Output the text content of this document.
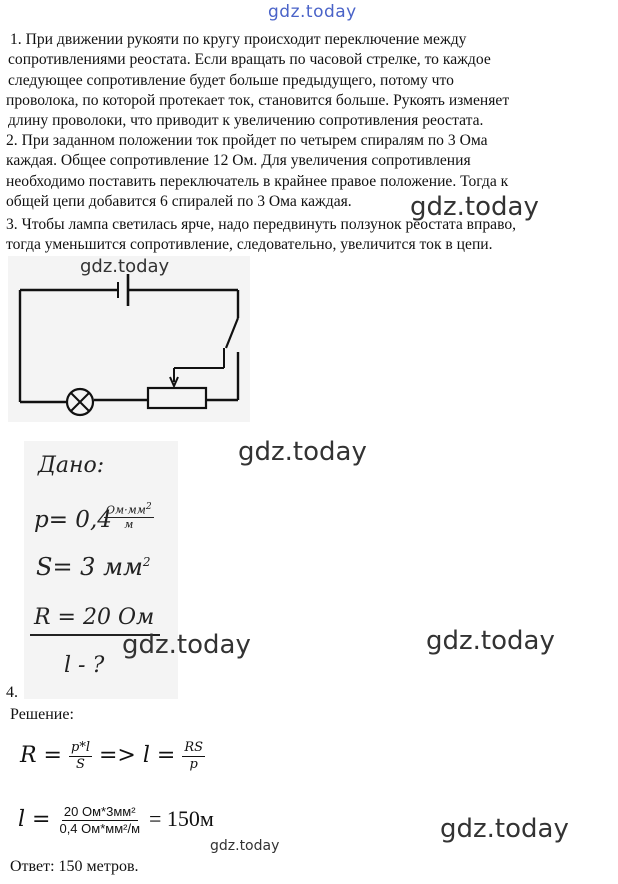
gdz.today
1. При движении рукояти по кругу происходит переключение между
сопротивлениями реостата. Если вращать по часовой стрелке, то каждое
следующее сопротивление будет больше предыдущего, потому что
проволока, по которой протекает ток, становится больше. Рукоять изменяет
длину проволоки, что приводит к увеличению сопротивления реостата.
2. При заданном положении ток пройдет по четырем спиралям по 3 Ома
каждая. Общее сопротивление 12 Ом. Для увеличения сопротивления
необходимо поставить переключатель в крайнее правое положение. Тогда к
общей цепи добавится 6 спиралей по 3 Ома каждая.
3. Чтобы лампа светилась ярче, надо передвинуть ползунок реостата вправо,
тогда уменьшится сопротивление, следовательно, увеличится ток в цепи.
gdz.today
gdz.today
Дано:
p= 0,4
$Ом\cdot мм^2$
м
S= 3 $мм^2$
R = 20 Ом
l - ?
gdz.today
gdz.today	gdz.today
4.
Решение:
$R = \frac{p*l}{S} => l = \frac{RS}{p}$
$l = \frac{\text{20 Ом*3мм²}}{\text{0,4 Ом*мм²/м}} = 150м$	gdz.today
gdz.today
Ответ: 150 метров.
